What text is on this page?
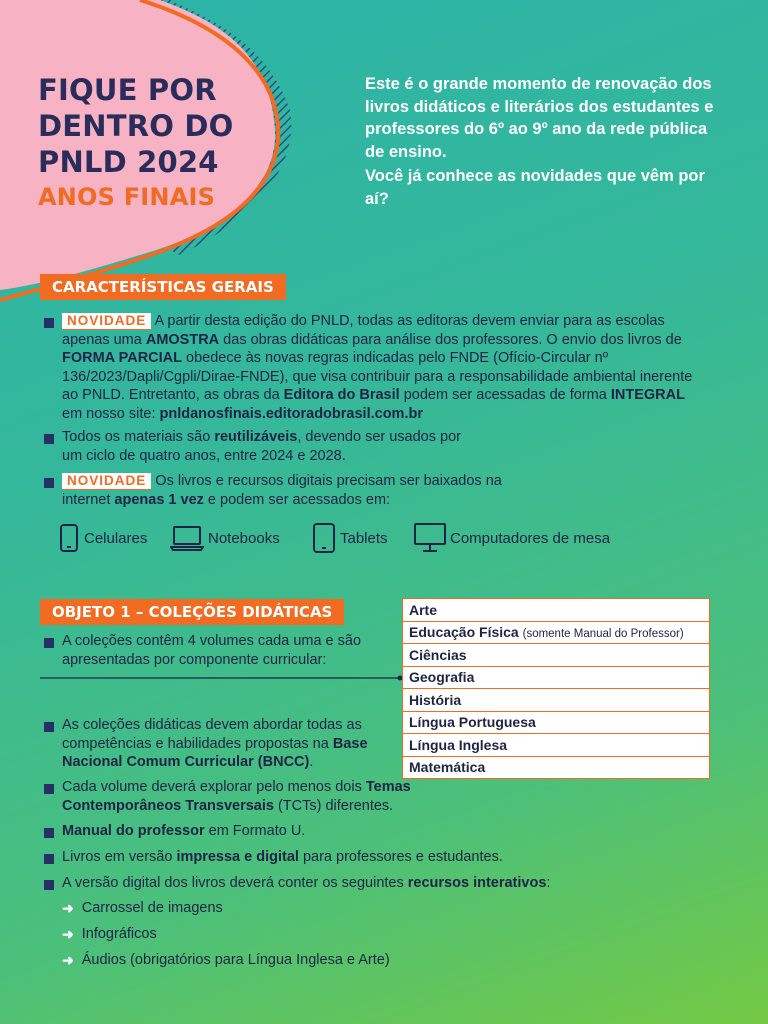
FIQUE POR
DENTRO DO
PNLD 2024
ANOS FINAIS

Este é o grande momento de renovação dos livros didáticos e literários dos estudantes e professores do 6º ao 9º ano da rede pública de ensino.

Você já conhece as novidades que vêm por aí?

CARACTERÍSTICAS GERAIS
NOVIDADE A partir desta edição do PNLD, todas as editoras devem enviar para as escolas apenas uma AMOSTRA das obras didáticas para análise dos professores. O envio dos livros de FORMA PARCIAL obedece às novas regras indicadas pelo FNDE (Ofício-Circular nº 136/2023/Dapli/Cgpli/Dirae-FNDE), que visa contribuir para a responsabilidade ambiental inerente ao PNLD. Entretanto, as obras da Editora do Brasil podem ser acessadas de forma INTEGRAL em nosso site: pnldanosfinais.editoradobrasil.com.br
Todos os materiais são reutilizáveis, devendo ser usados por um ciclo de quatro anos, entre 2024 e 2028.
NOVIDADE Os livros e recursos digitais precisam ser baixados na internet apenas 1 vez e podem ser acessados em:
Celulares	Notebooks	Tablets	Computadores de mesa
OBJETO 1 – COLEÇÕES DIDÁTICAS
A coleções contêm 4 volumes cada uma e são apresentadas por componente curricular:
Arte
Educação Física (somente Manual do Professor)
Ciências
Geografia
História
Língua Portuguesa
Língua Inglesa
Matemática
As coleções didáticas devem abordar todas as competências e habilidades propostas na Base Nacional Comum Curricular (BNCC).
Cada volume deverá explorar pelo menos dois Temas Contemporâneos Transversais (TCTs) diferentes.
Manual do professor em Formato U.
Livros em versão impressa e digital para professores e estudantes.
A versão digital dos livros deverá conter os seguintes recursos interativos:
➜ Carrossel de imagens
➜ Infográficos
➜ Áudios (obrigatórios para Língua Inglesa e Arte)
